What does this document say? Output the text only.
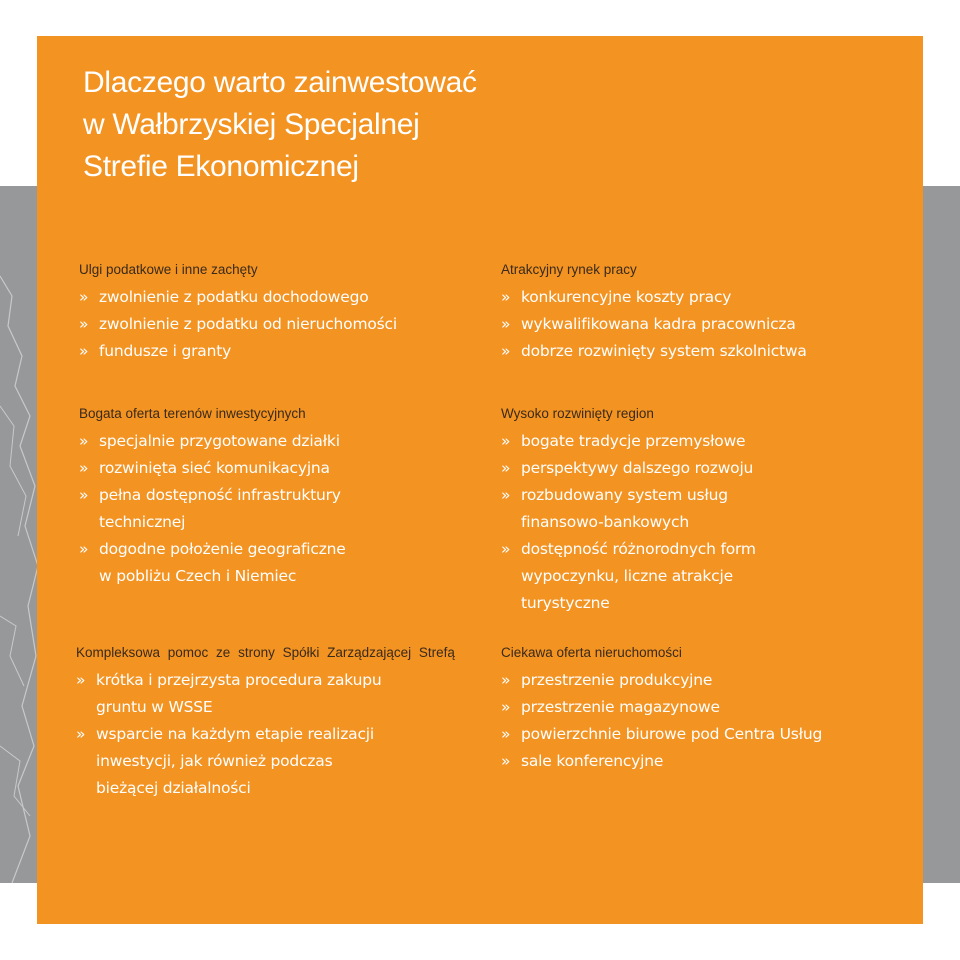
Dlaczego warto zainwestować
w Wałbrzyskiej Specjalnej
Strefie Ekonomicznej
Ulgi podatkowe i inne zachęty
» zwolnienie z podatku dochodowego
» zwolnienie z podatku od nieruchomości
» fundusze i granty
Atrakcyjny rynek pracy
» konkurencyjne koszty pracy
» wykwalifikowana kadra pracownicza
» dobrze rozwinięty system szkolnictwa
Bogata oferta terenów inwestycyjnych
» specjalnie przygotowane działki
» rozwinięta sieć komunikacyjna
» pełna dostępność infrastruktury
technicznej
» dogodne położenie geograficzne
w pobliżu Czech i Niemiec
Wysoko rozwinięty region
» bogate tradycje przemysłowe
» perspektywy dalszego rozwoju
» rozbudowany system usług
finansowo-bankowych
» dostępność różnorodnych form
wypoczynku, liczne atrakcje
turystyczne
Kompleksowa pomoc ze strony Spółki Zarządzającej Strefą
» krótka i przejrzysta procedura zakupu
gruntu w WSSE
» wsparcie na każdym etapie realizacji
inwestycji, jak również podczas
bieżącej działalności
Ciekawa oferta nieruchomości
» przestrzenie produkcyjne
» przestrzenie magazynowe
» powierzchnie biurowe pod Centra Usług
» sale konferencyjne
